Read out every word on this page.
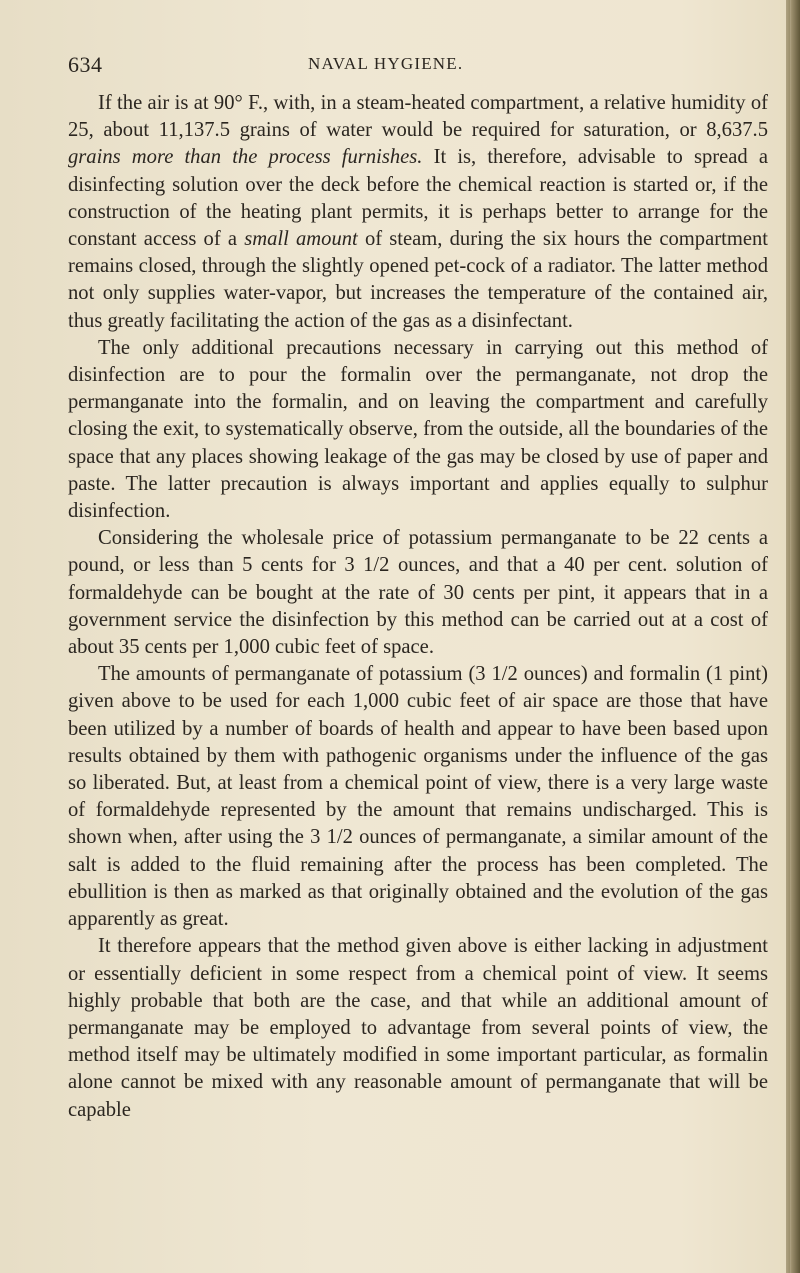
634	NAVAL HYGIENE.

If the air is at 90° F., with, in a steam-heated compartment, a relative humidity of 25, about 11,137.5 grains of water would be required for saturation, or 8,637.5 grains more than the process furnishes. It is, therefore, advisable to spread a disinfecting solution over the deck before the chemical reaction is started or, if the construction of the heating plant permits, it is perhaps better to arrange for the constant access of a small amount of steam, during the six hours the compartment remains closed, through the slightly opened pet-cock of a radiator. The latter method not only supplies water-vapor, but increases the temperature of the contained air, thus greatly facilitating the action of the gas as a disinfectant.

The only additional precautions necessary in carrying out this method of disinfection are to pour the formalin over the permanganate, not drop the permanganate into the formalin, and on leaving the compartment and carefully closing the exit, to systematically observe, from the outside, all the boundaries of the space that any places showing leakage of the gas may be closed by use of paper and paste. The latter precaution is always important and applies equally to sulphur disinfection.

Considering the wholesale price of potassium permanganate to be 22 cents a pound, or less than 5 cents for 3 1/2 ounces, and that a 40 per cent. solution of formaldehyde can be bought at the rate of 30 cents per pint, it appears that in a government service the disinfection by this method can be carried out at a cost of about 35 cents per 1,000 cubic feet of space.

The amounts of permanganate of potassium (3 1/2 ounces) and formalin (1 pint) given above to be used for each 1,000 cubic feet of air space are those that have been utilized by a number of boards of health and appear to have been based upon results obtained by them with pathogenic organisms under the influence of the gas so liberated. But, at least from a chemical point of view, there is a very large waste of formaldehyde represented by the amount that remains undischarged. This is shown when, after using the 3 1/2 ounces of permanganate, a similar amount of the salt is added to the fluid remaining after the process has been completed. The ebullition is then as marked as that originally obtained and the evolution of the gas apparently as great.

It therefore appears that the method given above is either lacking in adjustment or essentially deficient in some respect from a chemical point of view. It seems highly probable that both are the case, and that while an additional amount of permanganate may be employed to advantage from several points of view, the method itself may be ultimately modified in some important particular, as formalin alone cannot be mixed with any reasonable amount of permanganate that will be capable
